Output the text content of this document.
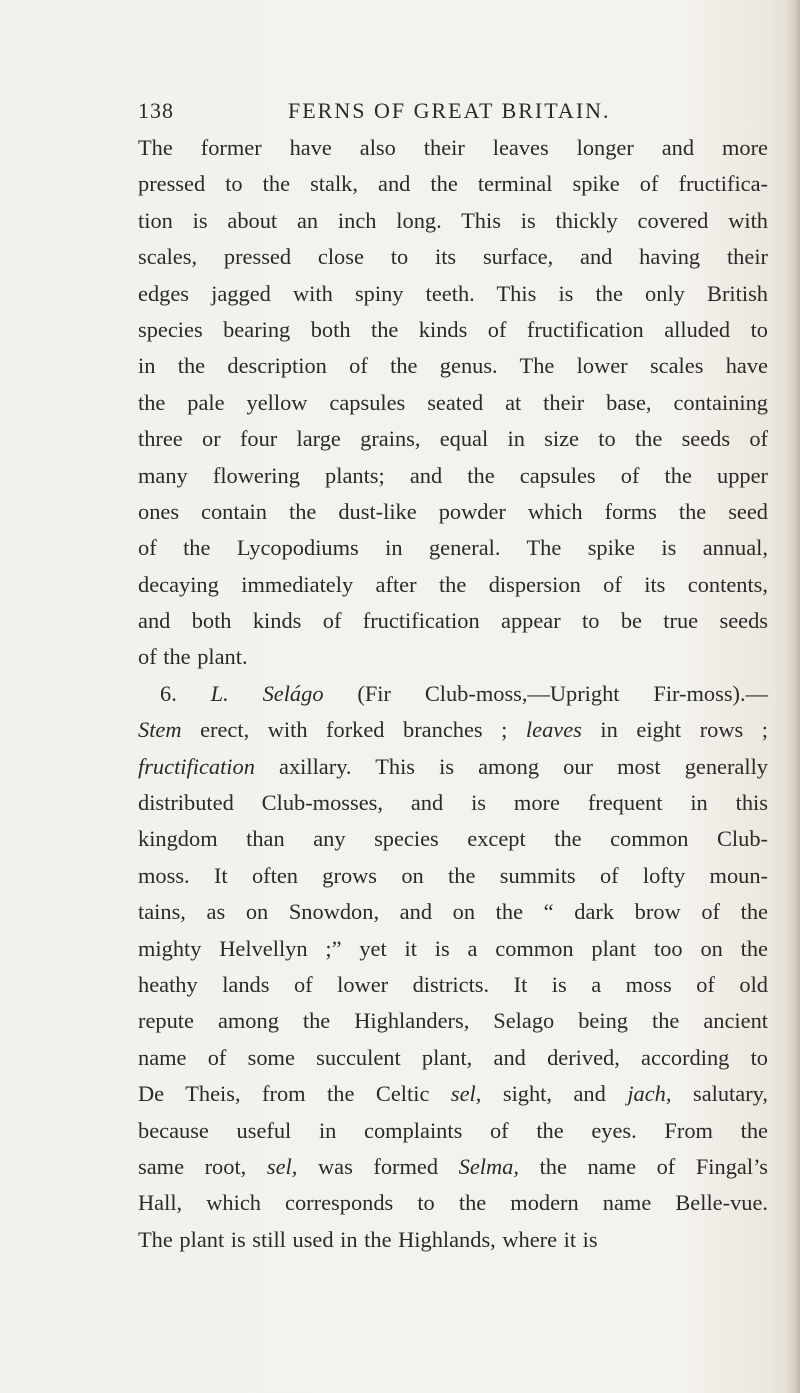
138	FERNS OF GREAT BRITAIN.
The former have also their leaves longer and more
pressed to the stalk, and the terminal spike of fructifica-
tion is about an inch long. This is thickly covered with
scales, pressed close to its surface, and having their
edges jagged with spiny teeth. This is the only British
species bearing both the kinds of fructification alluded to
in the description of the genus. The lower scales have
the pale yellow capsules seated at their base, containing
three or four large grains, equal in size to the seeds of
many flowering plants; and the capsules of the upper
ones contain the dust-like powder which forms the seed
of the Lycopodiums in general. The spike is annual,
decaying immediately after the dispersion of its contents,
and both kinds of fructification appear to be true seeds
of the plant.
6. L. Selágo (Fir Club-moss,—Upright Fir-moss).—
Stem erect, with forked branches ; leaves in eight rows ;
fructification axillary. This is among our most generally
distributed Club-mosses, and is more frequent in this
kingdom than any species except the common Club-
moss. It often grows on the summits of lofty moun-
tains, as on Snowdon, and on the “ dark brow of the
mighty Helvellyn ;” yet it is a common plant too on the
heathy lands of lower districts. It is a moss of old
repute among the Highlanders, Selago being the ancient
name of some succulent plant, and derived, according to
De Theis, from the Celtic sel, sight, and jach, salutary,
because useful in complaints of the eyes. From the
same root, sel, was formed Selma, the name of Fingal’s
Hall, which corresponds to the modern name Belle-vue.
The plant is still used in the Highlands, where it is
